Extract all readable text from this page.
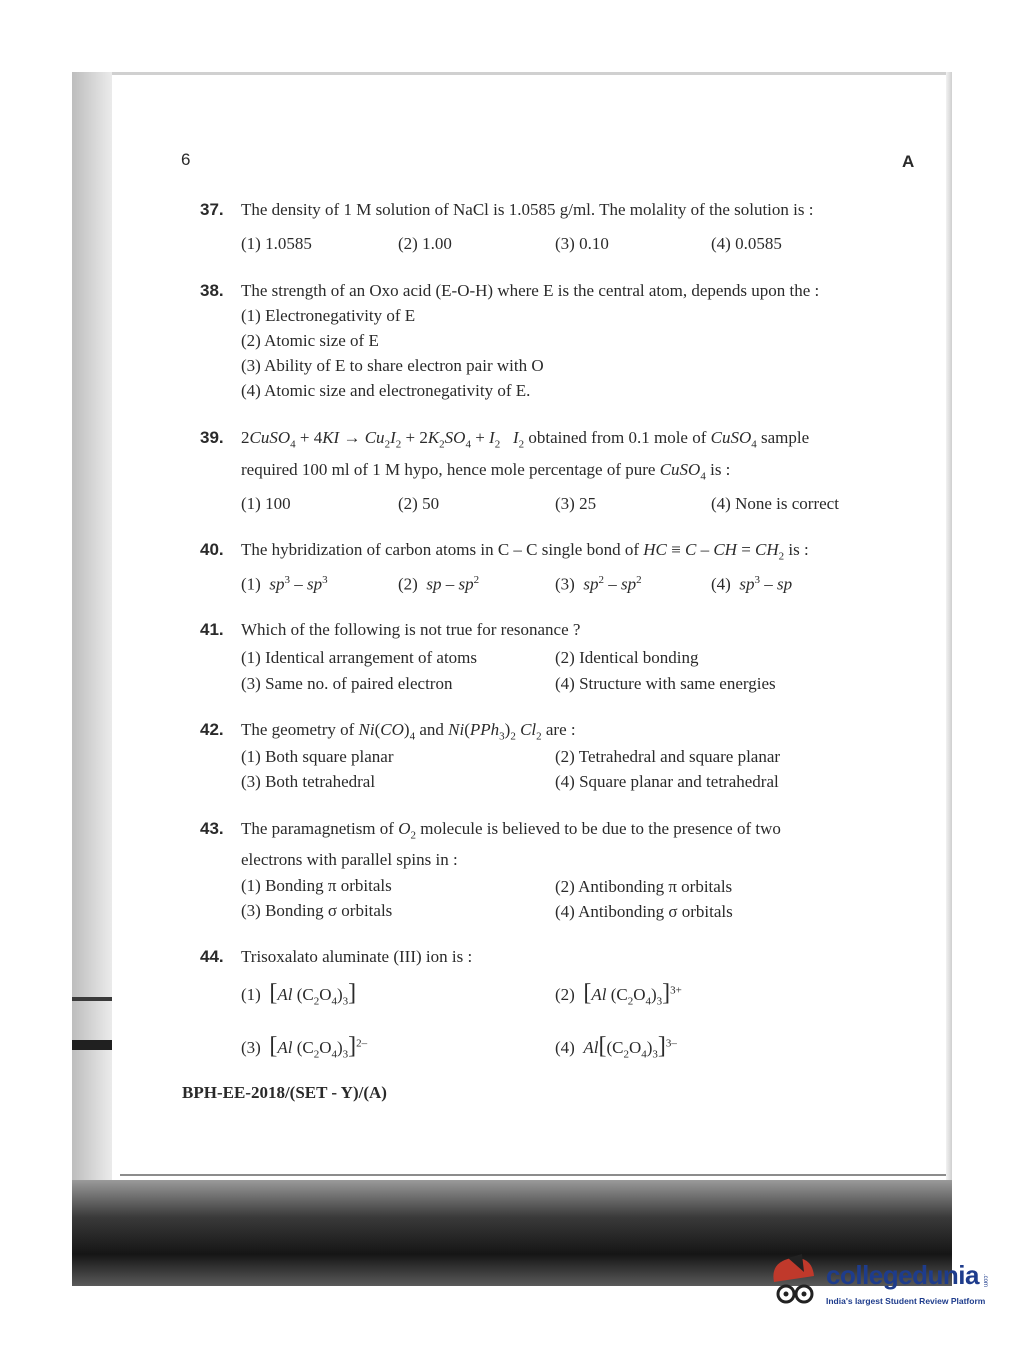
6	A
37. The density of 1 M solution of NaCl is 1.0585 g/ml. The molality of the solution is :
(1) 1.0585	(2) 1.00	(3) 0.10	(4) 0.0585
38. The strength of an Oxo acid (E-O-H) where E is the central atom, depends upon the :
(1) Electronegativity of E
(2) Atomic size of E
(3) Ability of E to share electron pair with O
(4) Atomic size and electronegativity of E.
39. 2CuSO$_4$ + $4KI \to Cu_2I_2 + 2K_2SO_4 + I_2$ $I_2$ obtained from 0.1 mole of CuSO$_4$ sample
required 100 ml of 1 M hypo, hence mole percentage of pure CuSO$_4$ is :
(1) 100	(2) 50	(3) 25	(4) None is correct
40. The hybridization of carbon atoms in C – C single bond of HC ≡ C – CH = $CH_2$ is :
(1) $sp^3 - sp^3$	(2) sp – $sp^2$	(3) $sp^2 - sp^2$	(4) $sp^3$ – sp
41. Which of the following is not true for resonance ?
(1) Identical arrangement of atoms	(2) Identical bonding
(3) Same no. of paired electron	(4) Structure with same energies
42. The geometry of $Ni(CO)_4$ and $Ni(PPh_3)_2$ $Cl_2$ are :
(1) Both square planar	(2) Tetrahedral and square planar
(3) Both tetrahedral	(4) Square planar and tetrahedral
43. The paramagnetism of $O_2$ molecule is believed to be due to the presence of two
electrons with parallel spins in :
(1) Bonding π orbitals	(2) Antibonding π orbitals
(3) Bonding σ orbitals	(4) Antibonding σ orbitals
44. Trisoxalato aluminate (III) ion is :
(1) [Al $(C_2O_4)_3$]	(2) [Al $(C_2O_4)_3]^{3+}$
(3) [Al $(C_2O_4)_3]^{2-}$	(4) $Al[(C_2O_4)_3]^{3-}$
BPH-EE-2018/(SET - Y)/(A)
collegedunia .com
India's largest Student Review Platform
